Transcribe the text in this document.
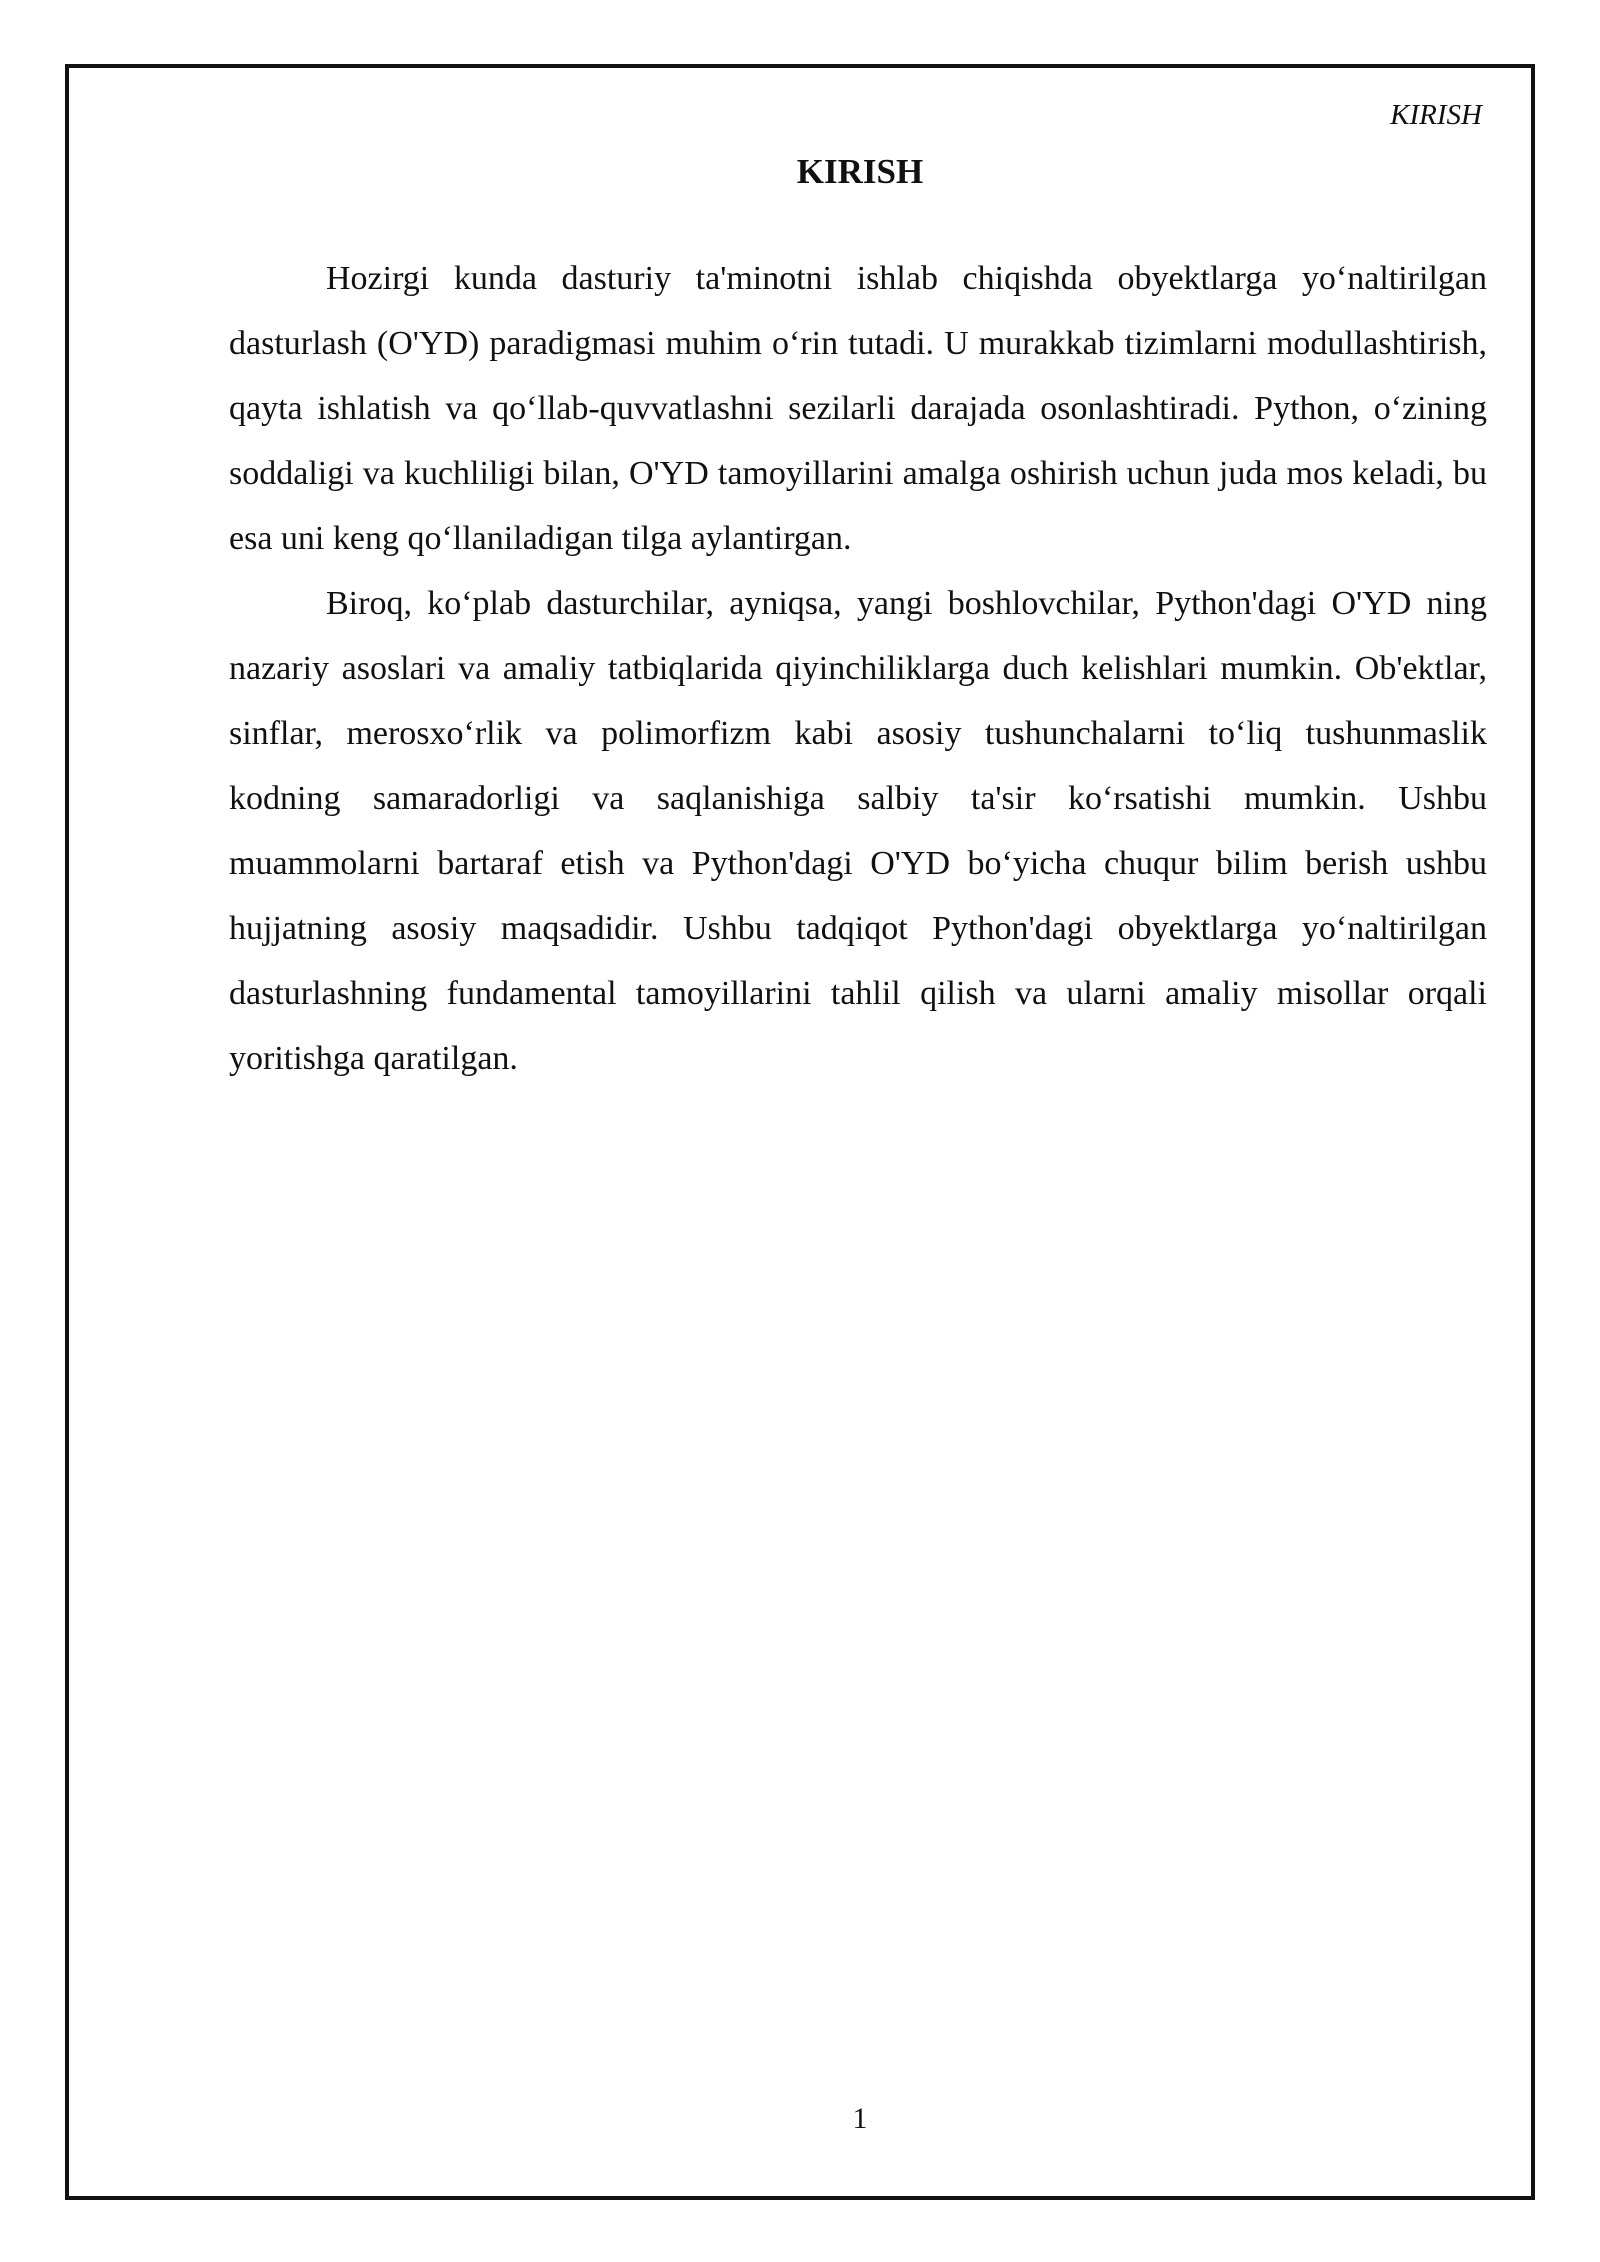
KIRISH
KIRISH

Hozirgi kunda dasturiy ta'minotni ishlab chiqishda obyektlarga yo‘naltirilgan dasturlash (O'YD) paradigmasi muhim o‘rin tutadi. U murakkab tizimlarni modullashtirish, qayta ishlatish va qo‘llab-quvvatlashni sezilarli darajada osonlashtiradi. Python, o‘zining soddaligi va kuchliligi bilan, O'YD tamoyillarini amalga oshirish uchun juda mos keladi, bu esa uni keng qo‘llaniladigan tilga aylantirgan.

Biroq, ko‘plab dasturchilar, ayniqsa, yangi boshlovchilar, Python'dagi O'YD ning nazariy asoslari va amaliy tatbiqlarida qiyinchiliklarga duch kelishlari mumkin. Ob'ektlar, sinflar, merosxo‘rlik va polimorfizm kabi asosiy tushunchalarni to‘liq tushunmaslik kodning samaradorligi va saqlanishiga salbiy ta'sir ko‘rsatishi mumkin. Ushbu muammolarni bartaraf etish va Python'dagi O'YD bo‘yicha chuqur bilim berish ushbu hujjatning asosiy maqsadidir. Ushbu tadqiqot Python'dagi obyektlarga yo‘naltirilgan dasturlashning fundamental tamoyillarini tahlil qilish va ularni amaliy misollar orqali yoritishga qaratilgan.

1
